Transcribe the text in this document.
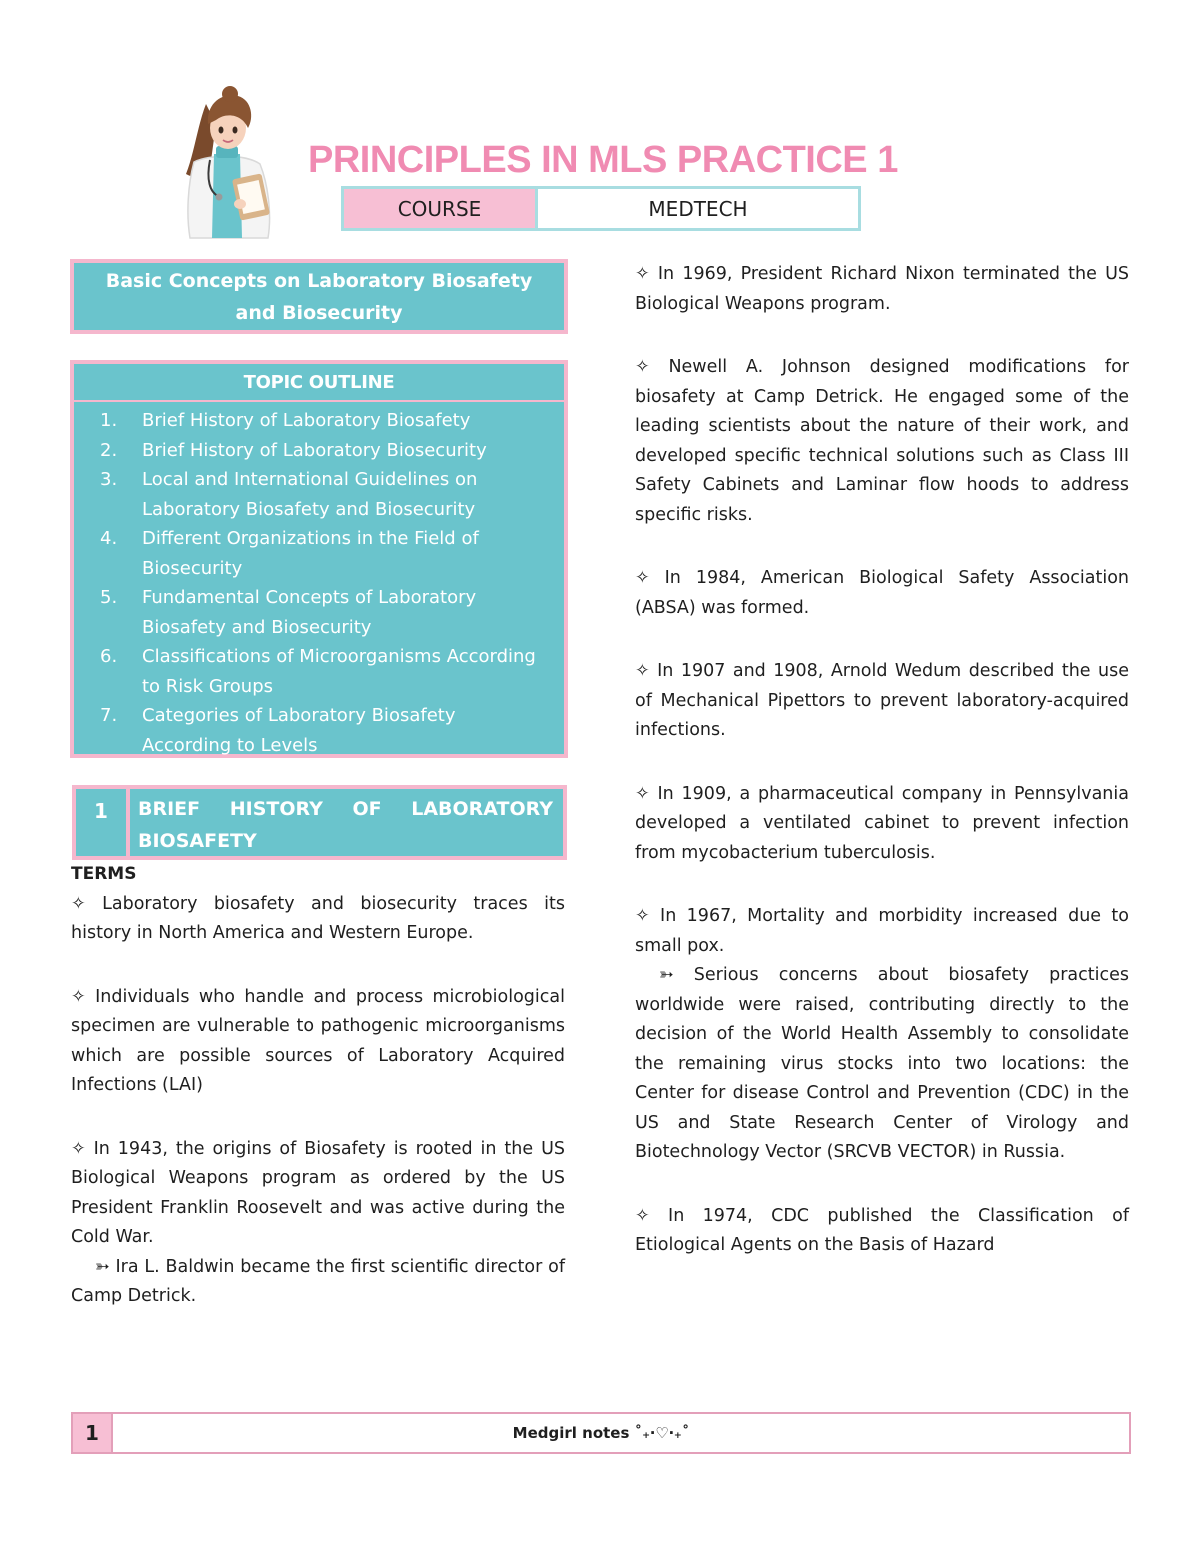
PRINCIPLES IN MLS PRACTICE 1
COURSE	MEDTECH
Basic Concepts on Laboratory Biosafety
and Biosecurity
TOPIC OUTLINE
1.	Brief History of Laboratory Biosafety
2.	Brief History of Laboratory Biosecurity
3.	Local and International Guidelines on Laboratory Biosafety and Biosecurity
4.	Different Organizations in the Field of Biosecurity
5.	Fundamental Concepts of Laboratory Biosafety and Biosecurity
6.	Classifications of Microorganisms According to Risk Groups
7.	Categories of Laboratory Biosafety According to Levels
1	BRIEF HISTORY OF LABORATORY BIOSAFETY
TERMS

✧ Laboratory biosafety and biosecurity traces its history in North America and Western Europe.

✧ Individuals who handle and process microbiological specimen are vulnerable to pathogenic microorganisms which are possible sources of Laboratory Acquired Infections (LAI)

✧ In 1943, the origins of Biosafety is rooted in the US Biological Weapons program as ordered by the US President Franklin Roosevelt and was active during the Cold War.

➳ Ira L. Baldwin became the first scientific director of Camp Detrick.

✧ In 1969, President Richard Nixon terminated the US Biological Weapons program.

✧ Newell A. Johnson designed modifications for biosafety at Camp Detrick. He engaged some of the leading scientists about the nature of their work, and developed specific technical solutions such as Class III Safety Cabinets and Laminar flow hoods to address specific risks.

✧ In 1984, American Biological Safety Association (ABSA) was formed.

✧ In 1907 and 1908, Arnold Wedum described the use of Mechanical Pipettors to prevent laboratory-acquired infections.

✧ In 1909, a pharmaceutical company in Pennsylvania developed a ventilated cabinet to prevent infection from mycobacterium tuberculosis.

✧ In 1967, Mortality and morbidity increased due to small pox.

➳ Serious concerns about biosafety practices worldwide were raised, contributing directly to the decision of the World Health Assembly to consolidate the remaining virus stocks into two locations: the Center for disease Control and Prevention (CDC) in the US and State Research Center of Virology and Biotechnology Vector (SRCVB VECTOR) in Russia.

✧ In 1974, CDC published the Classification of Etiological Agents on the Basis of Hazard

1	Medgirl notes ˚₊‧♡‧₊˚
